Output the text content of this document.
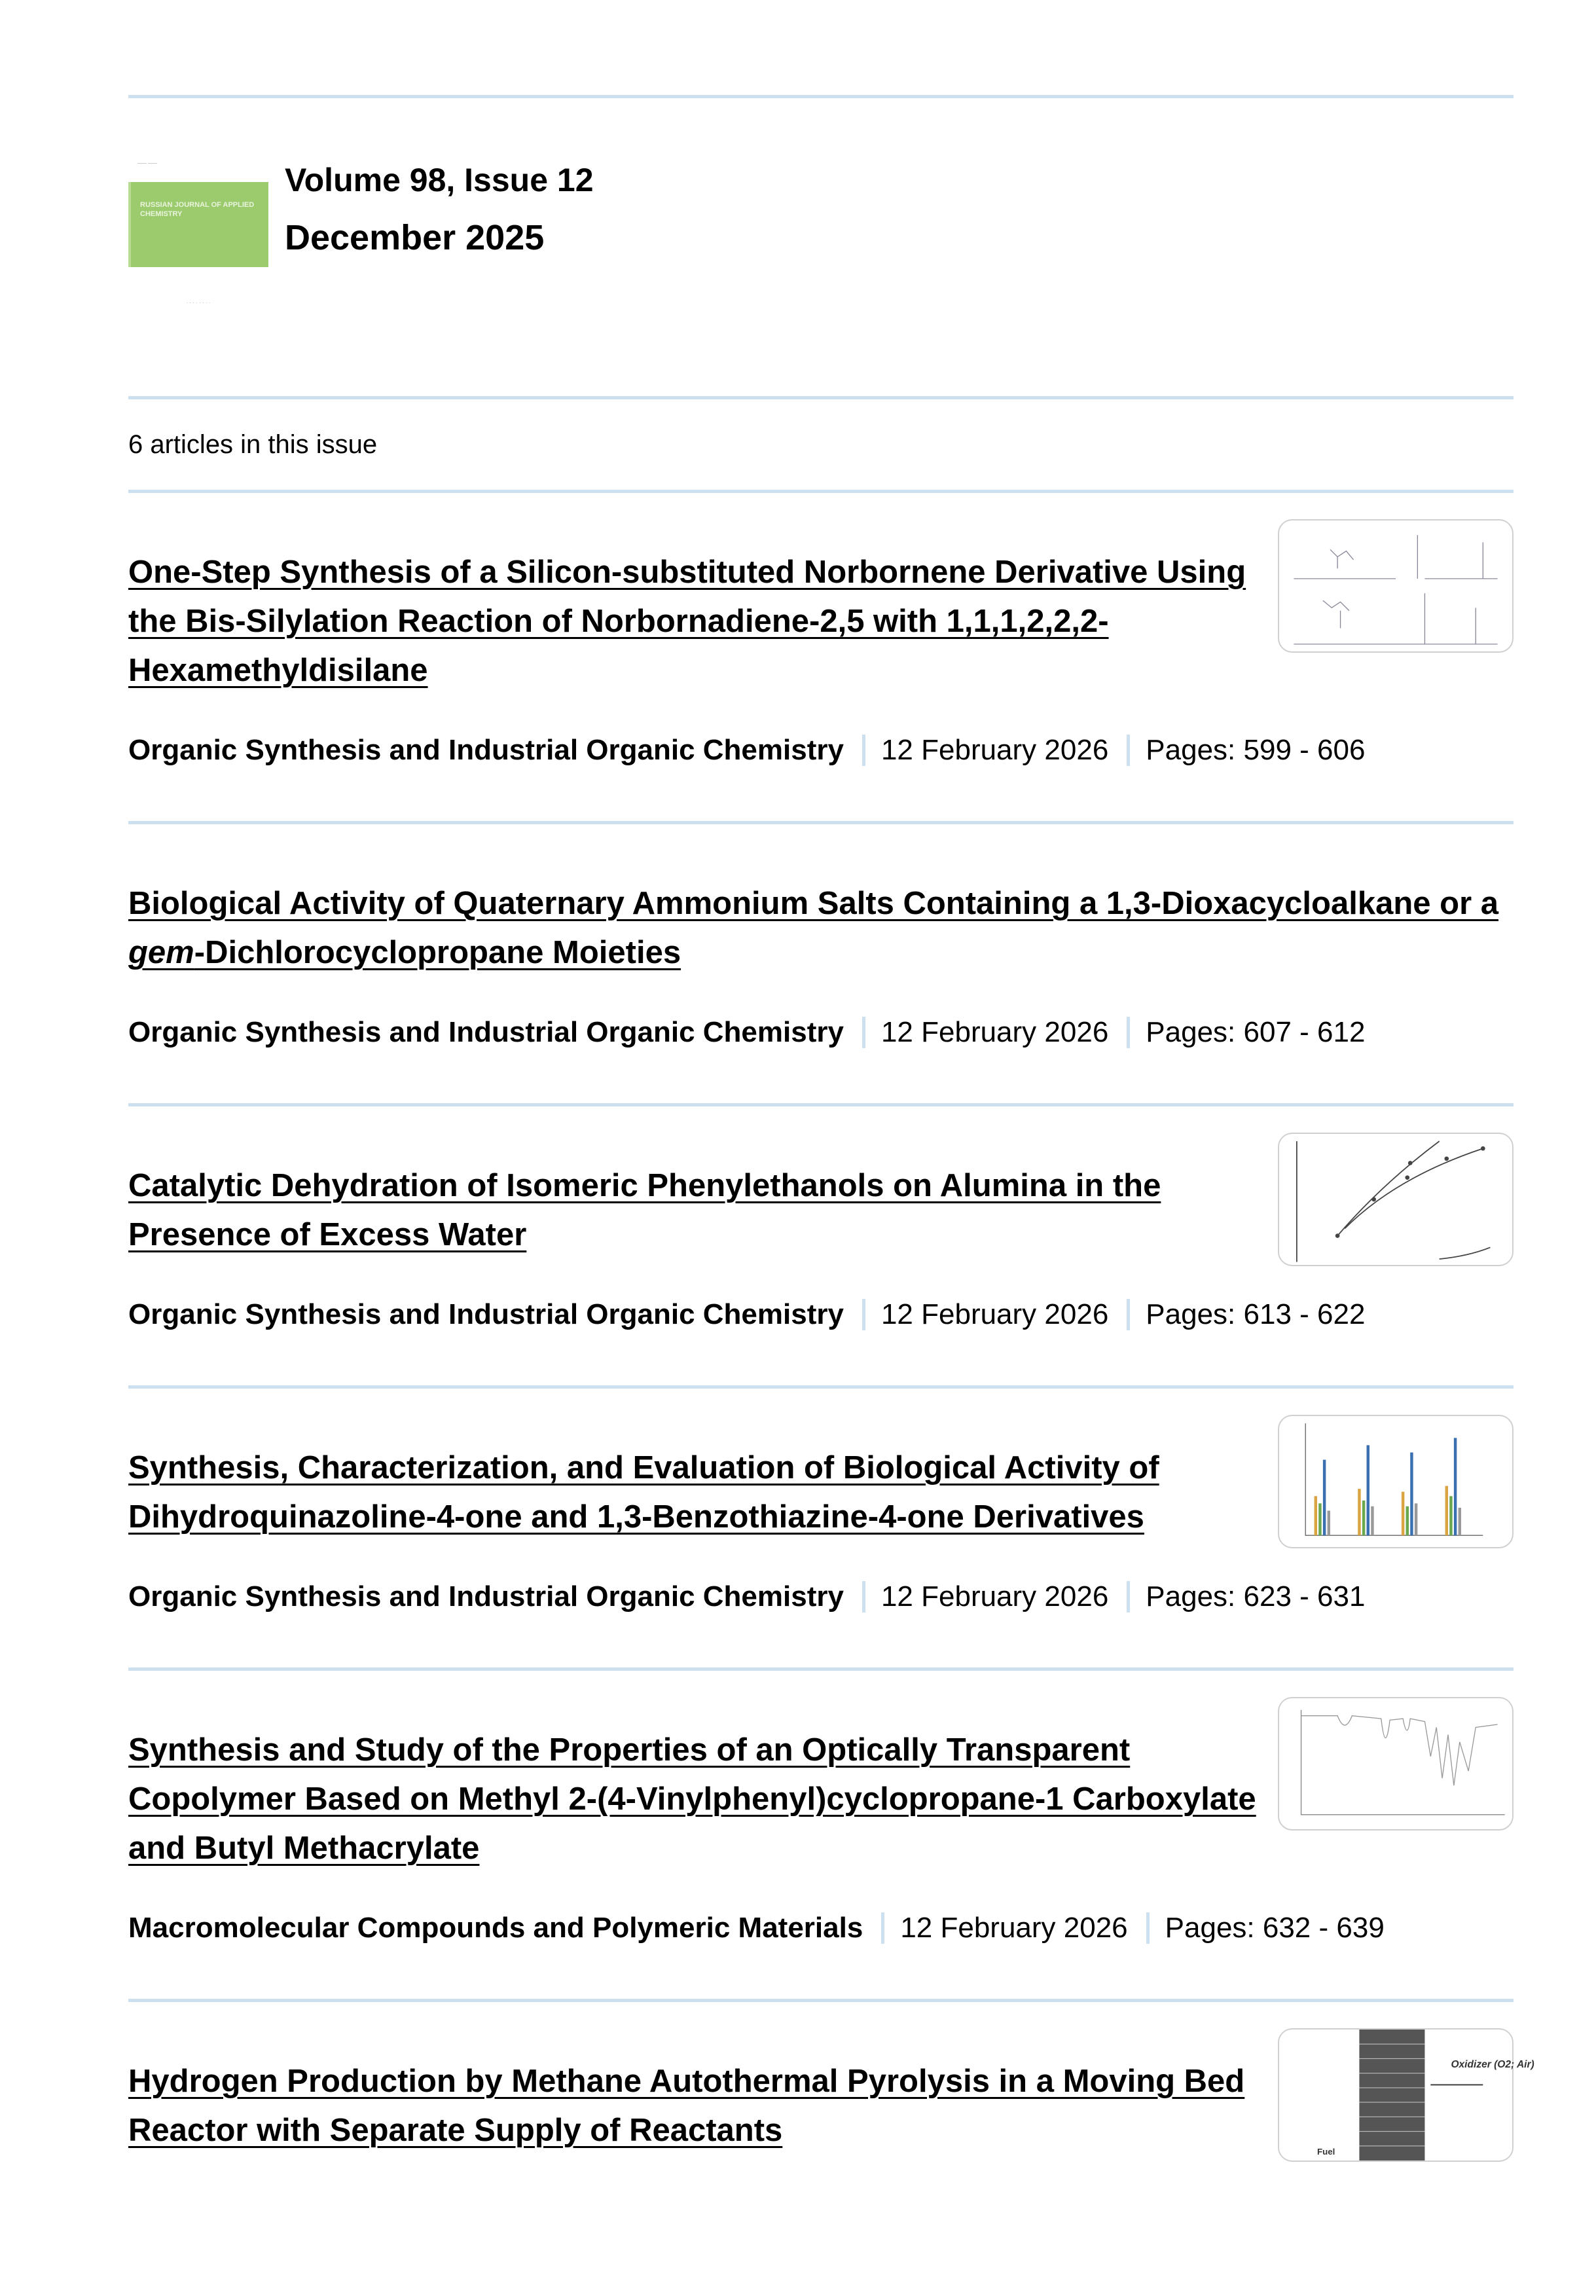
—— ——
RUSSIAN JOURNAL OF APPLIED CHEMISTRY
· · · · · · · ·
Volume 98, Issue 12
December 2025
6 articles in this issue
One-Step Synthesis of a Silicon-substituted Norbornene Derivative Using the Bis-Silylation Reaction of Norbornadiene-2,5 with 1,1,1,2,2,2-Hexamethyldisilane
Organic Synthesis and Industrial Organic Chemistry 12 February 2026 Pages: 599 - 606
Biological Activity of Quaternary Ammonium Salts Containing a 1,3-Dioxacycloalkane or a gem-Dichlorocyclopropane Moieties
Organic Synthesis and Industrial Organic Chemistry 12 February 2026 Pages: 607 - 612
Catalytic Dehydration of Isomeric Phenylethanols on Alumina in the Presence of Excess Water
Organic Synthesis and Industrial Organic Chemistry 12 February 2026 Pages: 613 - 622
Synthesis, Characterization, and Evaluation of Biological Activity of Dihydroquinazoline-4-one and 1,3-Benzothiazine-4-one Derivatives
Organic Synthesis and Industrial Organic Chemistry 12 February 2026 Pages: 623 - 631
Synthesis and Study of the Properties of an Optically Transparent Copolymer Based on Methyl 2-(4-Vinylphenyl)cyclopropane-1 Carboxylate and Butyl Methacrylate
Macromolecular Compounds and Polymeric Materials 12 February 2026 Pages: 632 - 639
Hydrogen Production by Methane Autothermal Pyrolysis in a Moving Bed Reactor with Separate Supply of Reactants
Oxidizer (O2; Air)
Fuel
